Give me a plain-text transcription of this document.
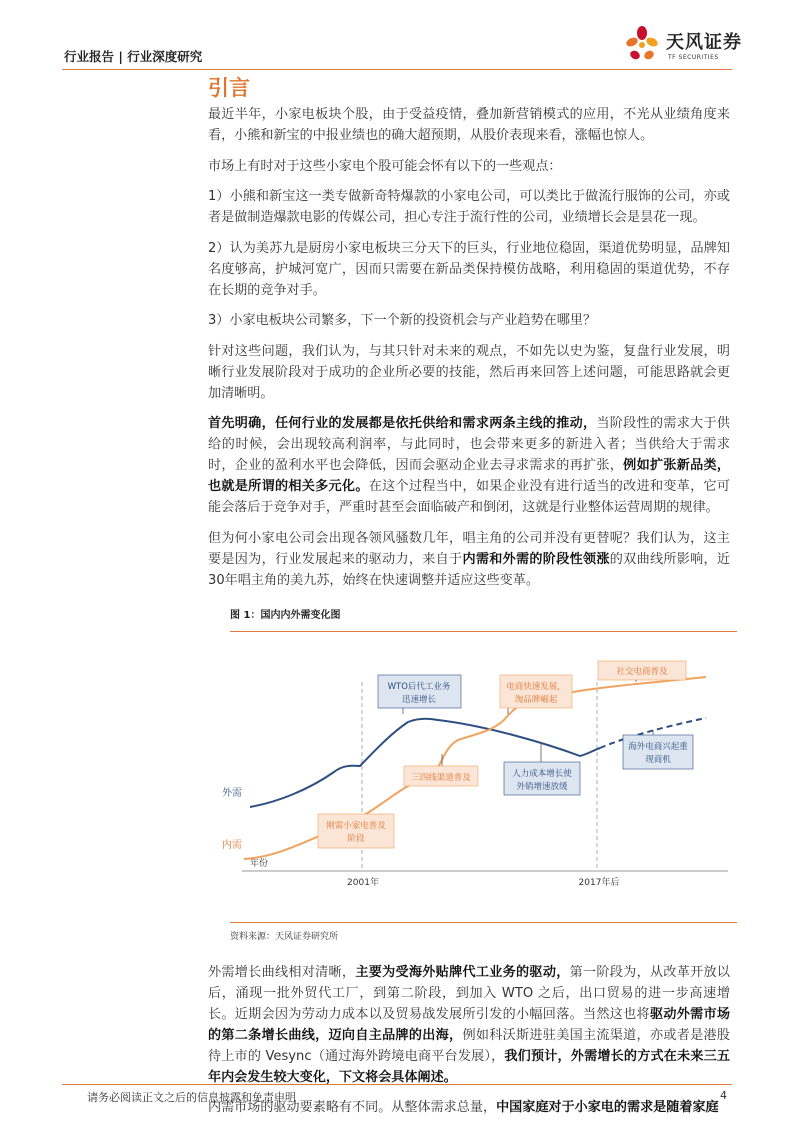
行业报告 | 行业深度研究
天风证券
TF SECURITIES
引言

最近半年，小家电板块个股，由于受益疫情，叠加新营销模式的应用，不光从业绩角度来看，小熊和新宝的中报业绩也的确大超预期，从股价表现来看，涨幅也惊人。

市场上有时对于这些小家电个股可能会怀有以下的一些观点：

1）小熊和新宝这一类专做新奇特爆款的小家电公司，可以类比于做流行服饰的公司，亦或者是做制造爆款电影的传媒公司，担心专注于流行性的公司，业绩增长会是昙花一现。

2）认为美苏九是厨房小家电板块三分天下的巨头，行业地位稳固，渠道优势明显，品牌知名度够高，护城河宽广，因而只需要在新品类保持模仿战略，利用稳固的渠道优势，不存在长期的竞争对手。

3）小家电板块公司繁多，下一个新的投资机会与产业趋势在哪里？

针对这些问题，我们认为，与其只针对未来的观点，不如先以史为鉴，复盘行业发展，明晰行业发展阶段对于成功的企业所必要的技能，然后再来回答上述问题，可能思路就会更加清晰明。

首先明确，任何行业的发展都是依托供给和需求两条主线的推动，当阶段性的需求大于供给的时候，会出现较高利润率，与此同时，也会带来更多的新进入者；当供给大于需求时，企业的盈利水平也会降低，因而会驱动企业去寻求需求的再扩张，例如扩张新品类，也就是所谓的相关多元化。在这个过程当中，如果企业没有进行适当的改进和变革，它可能会落后于竞争对手，严重时甚至会面临破产和倒闭，这就是行业整体运营周期的规律。

但为何小家电公司会出现各领风骚数几年，唱主角的公司并没有更替呢？我们认为，这主要是因为，行业发展起来的驱动力，来自于内需和外需的阶段性领涨的双曲线所影响，近30年唱主角的美九苏，始终在快速调整并适应这些变革。

图 1：国内内外需变化图
年份
2001年	2017年后
外需
内需
WTO后代工业务
迅速增长
电商快速发展，
淘品牌崛起
社交电商普及
人力成本增长使
外销增速放缓
海外电商兴起重
现商机
三四线渠道普及
刚需小家电普及
阶段
资料来源：天风证券研究所

外需增长曲线相对清晰，主要为受海外贴牌代工业务的驱动，第一阶段为，从改革开放以后，涌现一批外贸代工厂，到第二阶段，到加入 WTO 之后，出口贸易的进一步高速增长。近期会因为劳动力成本以及贸易战发展所引发的小幅回落。当然这也将驱动外需市场的第二条增长曲线，迈向自主品牌的出海，例如科沃斯进驻美国主流渠道，亦或者是港股待上市的 Vesync（通过海外跨境电商平台发展），我们预计，外需增长的方式在未来三五年内会发生较大变化，下文将会具体阐述。

内需市场的驱动要素略有不同。从整体需求总量，中国家庭对于小家电的需求是随着家庭

请务必阅读正文之后的信息披露和免责申明	4
